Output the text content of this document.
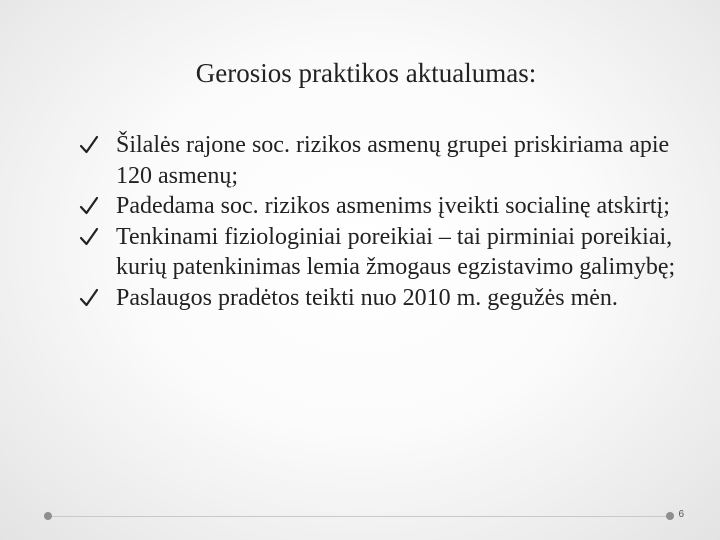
Gerosios praktikos aktualumas:
Šilalės rajone soc. rizikos asmenų grupei priskiriama apie 120 asmenų;
Padedama soc. rizikos asmenims įveikti socialinę atskirtį;
Tenkinami fiziologiniai poreikiai – tai pirminiai poreikiai, kurių patenkinimas lemia žmogaus egzistavimo galimybę;
Paslaugos pradėtos teikti nuo 2010 m. gegužės mėn.
6
